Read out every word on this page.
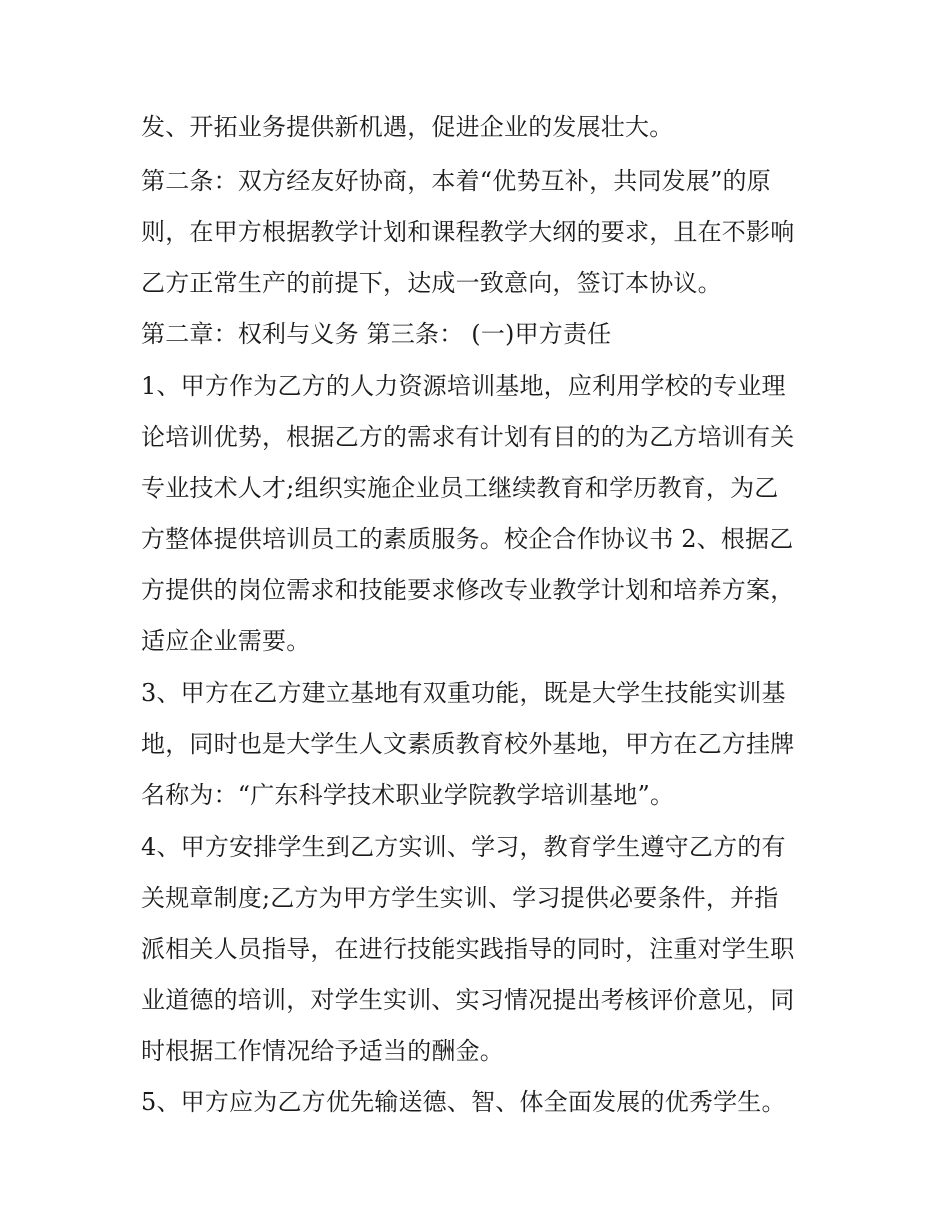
发、开拓业务提供新机遇，促进企业的发展壮大。
第二条：双方经友好协商，本着“优势互补，共同发展”的原
则，在甲方根据教学计划和课程教学大纲的要求，且在不影响
乙方正常生产的前提下，达成一致意向，签订本协议。
第二章：权利与义务 第三条： (一)甲方责任
1、甲方作为乙方的人力资源培训基地，应利用学校的专业理
论培训优势，根据乙方的需求有计划有目的的为乙方培训有关
专业技术人才;组织实施企业员工继续教育和学历教育，为乙
方整体提供培训员工的素质服务。校企合作协议书 2、根据乙
方提供的岗位需求和技能要求修改专业教学计划和培养方案，
适应企业需要。
3、甲方在乙方建立基地有双重功能，既是大学生技能实训基
地，同时也是大学生人文素质教育校外基地，甲方在乙方挂牌
名称为：“广东科学技术职业学院教学培训基地”。
4、甲方安排学生到乙方实训、学习，教育学生遵守乙方的有
关规章制度;乙方为甲方学生实训、学习提供必要条件，并指
派相关人员指导，在进行技能实践指导的同时，注重对学生职
业道德的培训，对学生实训、实习情况提出考核评价意见，同
时根据工作情况给予适当的酬金。
5、甲方应为乙方优先输送德、智、体全面发展的优秀学生。
